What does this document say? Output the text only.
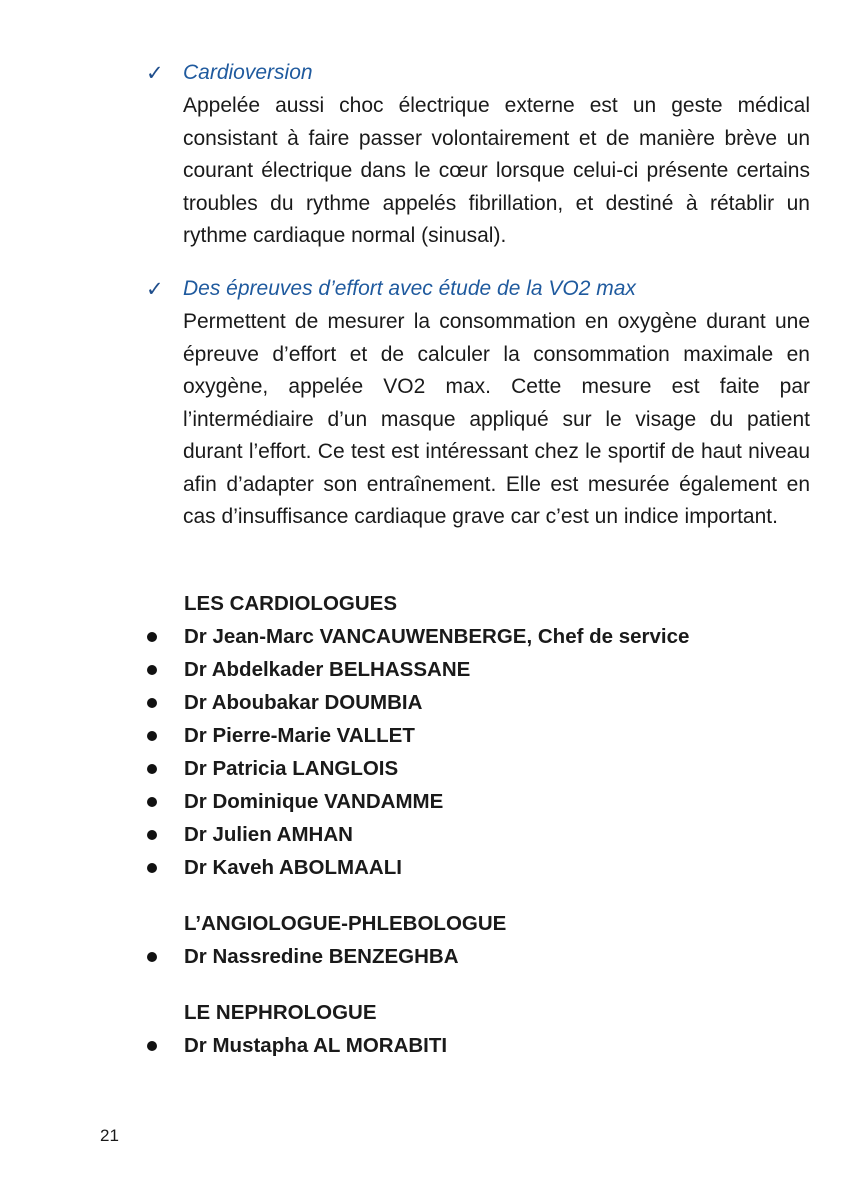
✓ Cardioversion
Appelée aussi choc électrique externe est un geste médical consistant à faire passer volontairement et de manière brève un courant électrique dans le cœur lorsque celui-ci présente certains troubles du rythme appelés fibrillation, et destiné à rétablir un rythme cardiaque normal (sinusal).
✓ Des épreuves d’effort avec étude de la VO2 max
Permettent de mesurer la consommation en oxygène durant une épreuve d’effort et de calculer la consommation maximale en oxygène, appelée VO2 max. Cette mesure est faite par l’intermédiaire d’un masque appliqué sur le visage du patient durant l’effort. Ce test est intéressant chez le sportif de haut niveau afin d’adapter son entraînement. Elle est mesurée également en cas d’insuffisance cardiaque grave car c’est un indice important.
LES CARDIOLOGUES
Dr Jean-Marc VANCAUWENBERGE, Chef de service
Dr Abdelkader BELHASSANE
Dr Aboubakar DOUMBIA
Dr Pierre-Marie VALLET
Dr Patricia LANGLOIS
Dr Dominique VANDAMME
Dr Julien AMHAN
Dr Kaveh ABOLMAALI
L’ANGIOLOGUE-PHLEBOLOGUE
Dr Nassredine BENZEGHBA
LE NEPHROLOGUE
Dr Mustapha AL MORABITI
21
